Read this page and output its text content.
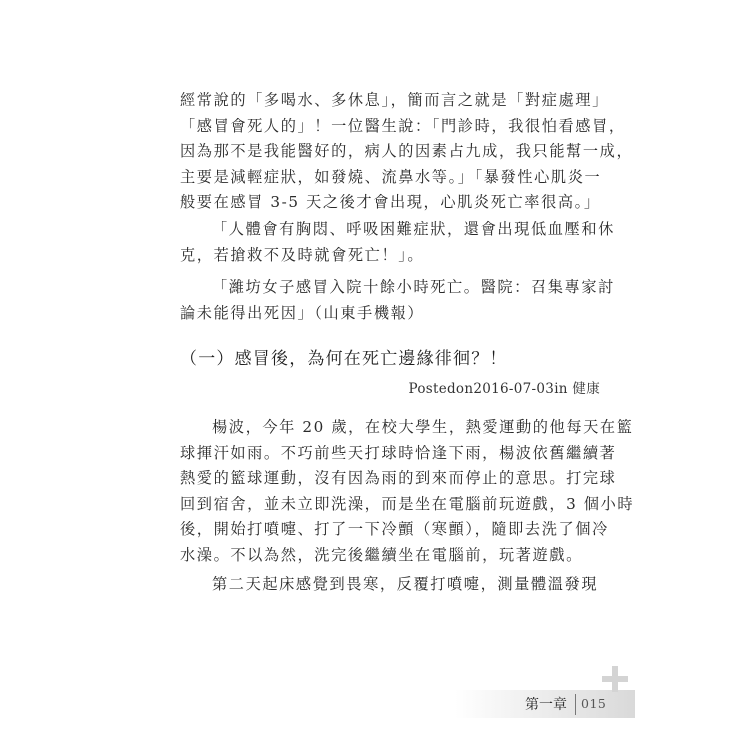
經常說的「多喝水、多休息」，簡而言之就是「對症處理」

「感冒會死人的」！一位醫生說：「門診時，我很怕看感冒，

因為那不是我能醫好的，病人的因素占九成，我只能幫一成，

主要是減輕症狀，如發燒、流鼻水等。」「暴發性心肌炎一

般要在感冒 3-5 天之後才會出現，心肌炎死亡率很高。」

「人體會有胸悶、呼吸困難症狀，還會出現低血壓和休

克，若搶救不及時就會死亡！」。

「濰坊女子感冒入院十餘小時死亡。醫院：召集專家討

論未能得出死因」（山東手機報）

（一）感冒後，為何在死亡邊緣徘徊？！
Postedon2016-07-03in 健康

楊波，今年 20 歲，在校大學生，熱愛運動的他每天在籃

球揮汗如雨。不巧前些天打球時恰逢下雨，楊波依舊繼續著

熱愛的籃球運動，沒有因為雨的到來而停止的意思。打完球

回到宿舍，並未立即洗澡，而是坐在電腦前玩遊戲，3 個小時

後，開始打噴嚏、打了一下冷顫（寒顫），隨即去洗了個冷

水澡。不以為然，洗完後繼續坐在電腦前，玩著遊戲。

第二天起床感覺到畏寒，反覆打噴嚏，測量體溫發現

第一章 015
